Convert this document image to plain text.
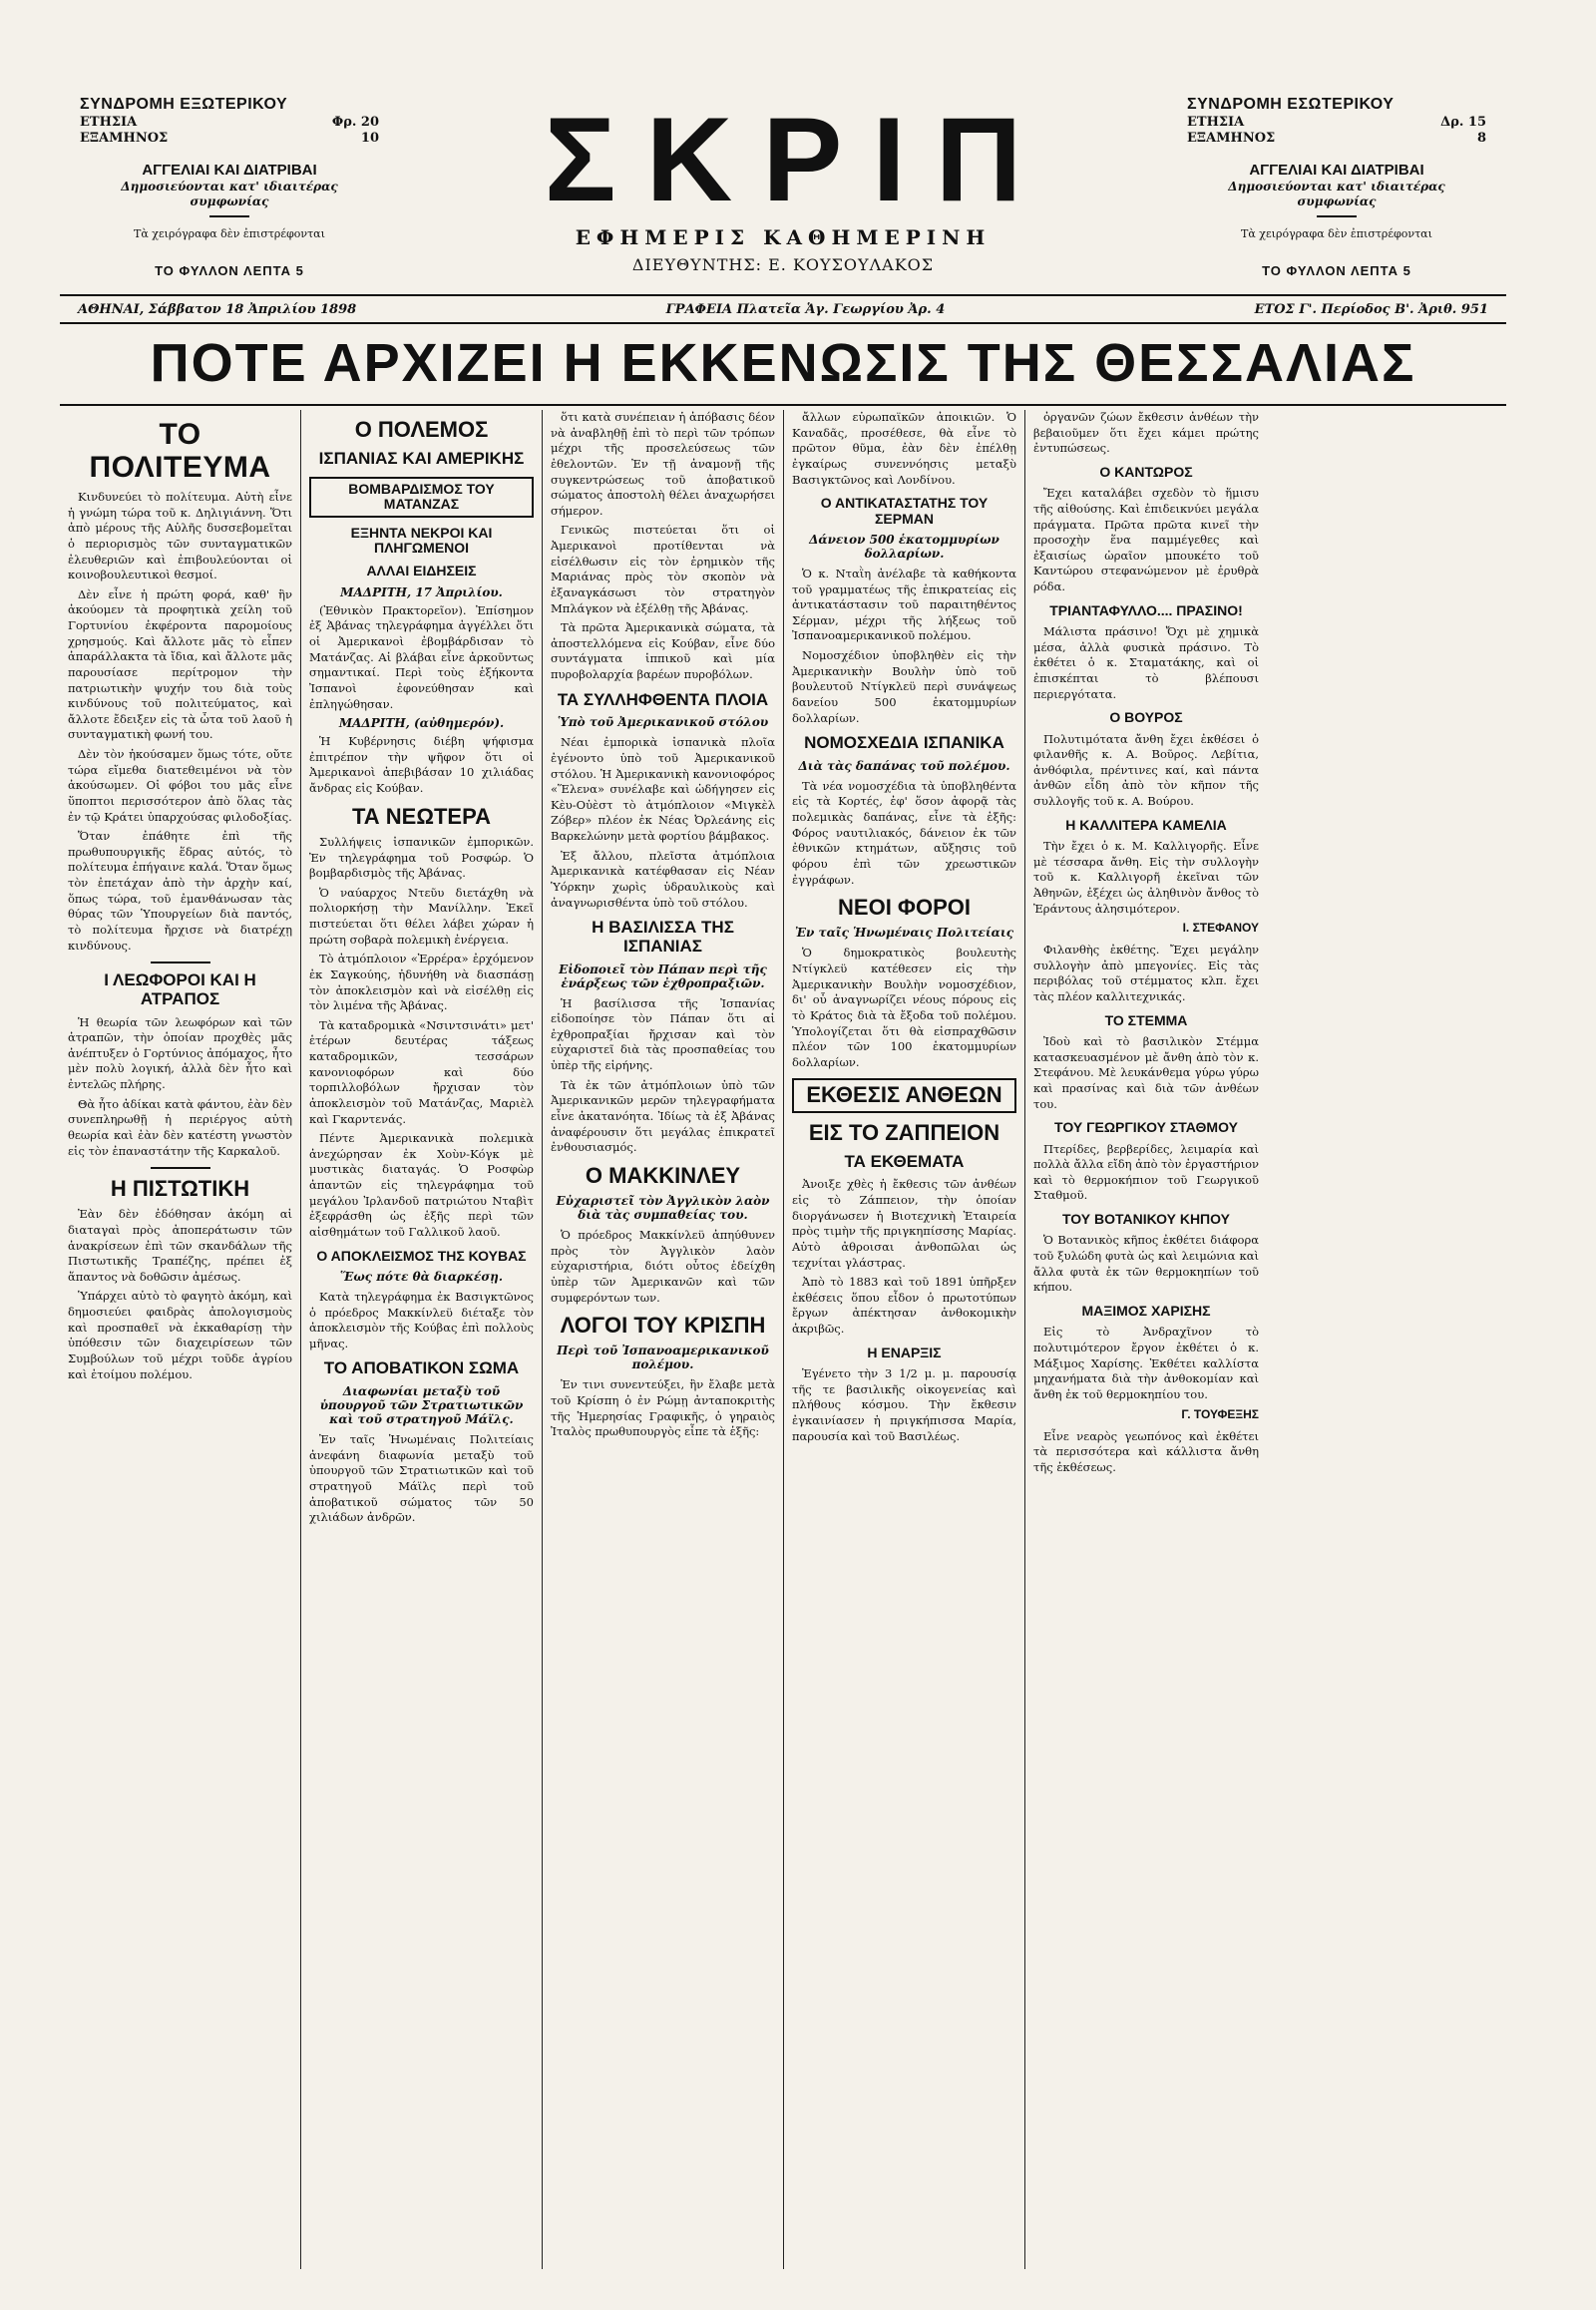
ΣΥΝΔΡΟΜΗ ΕΞΩΤΕΡΙΚΟΥ
ΕΤΗΣΙΑ	Φρ. 20
ΕΞΑΜΗΝΟΣ	10
ΑΓΓΕΛΙΑΙ ΚΑΙ ΔΙΑΤΡΙΒΑΙ
Δημοσιεύονται κατ' ιδιαιτέρας συμφωνίας
Τὰ χειρόγραφα δὲν ἐπιστρέφονται
ΤΟ ΦΥΛΛΟΝ ΛΕΠΤΑ 5
ΣΚΡΙΠ
ΕΦΗΜΕΡΙΣ ΚΑΘΗΜΕΡΙΝΗ
ΔΙΕΥΘΥΝΤΗΣ: Ε. ΚΟΥΣΟΥΛΑΚΟΣ
ΣΥΝΔΡΟΜΗ ΕΣΩΤΕΡΙΚΟΥ
ΕΤΗΣΙΑ	Δρ. 15
ΕΞΑΜΗΝΟΣ	8
ΑΓΓΕΛΙΑΙ ΚΑΙ ΔΙΑΤΡΙΒΑΙ
Δημοσιεύονται κατ' ιδιαιτέρας συμφωνίας
Τὰ χειρόγραφα δὲν ἐπιστρέφονται
ΤΟ ΦΥΛΛΟΝ ΛΕΠΤΑ 5
ΑΘΗΝΑΙ, Σάββατον 18 Ἀπριλίου 1898	ΓΡΑΦΕΙΑ Πλατεῖα Ἁγ. Γεωργίου Ἀρ. 4	ΕΤΟΣ Γ'. Περίοδος Β'. Ἀριθ. 951
ΠΟΤΕ ΑΡΧΙΖΕΙ Η ΕΚΚΕΝΩΣΙΣ ΤΗΣ ΘΕΣΣΑΛΙΑΣ
ΤΟ ΠΟΛΙΤΕΥΜΑ

Κινδυνεύει τὸ πολίτευμα. Αὐτὴ εἶνε ἡ γνώμη τώρα τοῦ κ. Δηλιγιάννη. Ὅτι ἀπὸ μέρους τῆς Αὐλῆς δυσσεβομεῖται ὁ περιορισμὸς τῶν συνταγματικῶν ἐλευθεριῶν καὶ ἐπιβουλεύονται οἱ κοινοβουλευτικοὶ θεσμοί.

Δὲν εἶνε ἡ πρώτη φορά, καθ' ἣν ἀκούομεν τὰ προφητικὰ χείλη τοῦ Γορτυνίου ἐκφέροντα παρομοίους χρησμούς. Καὶ ἄλλοτε μᾶς τὸ εἶπεν ἀπαράλλακτα τὰ ἴδια, καὶ ἄλλοτε μᾶς παρουσίασε περίτρομον τὴν πατριωτικὴν ψυχήν του διὰ τοὺς κινδύνους τοῦ πολιτεύματος, καὶ ἄλλοτε ἔδειξεν εἰς τὰ ὦτα τοῦ λαοῦ ἡ συνταγματικὴ φωνή του.

Δὲν τὸν ἠκούσαμεν ὅμως τότε, οὔτε τώρα εἴμεθα διατεθειμένοι νὰ τὸν ἀκούσωμεν. Οἱ φόβοι του μᾶς εἶνε ὕποπτοι περισσότερον ἀπὸ ὅλας τὰς ἐν τῷ Κράτει ὑπαρχούσας φιλοδοξίας.

Ὅταν ἐπάθητε ἐπὶ τῆς πρωθυπουργικῆς ἕδρας αὐτός, τὸ πολίτευμα ἐπήγαινε καλά. Ὅταν ὅμως τὸν ἐπετάχαν ἀπὸ τὴν ἀρχὴν καί, ὅπως τώρα, τοῦ ἐμανθάνωσαν τὰς θύρας τῶν Ὑπουργείων διὰ παντός, τὸ πολίτευμα ἤρχισε νὰ διατρέχῃ κινδύνους.

Ι ΛΕΩΦΟΡΟΙ ΚΑΙ Η ΑΤΡΑΠΟΣ

Ἡ θεωρία τῶν λεωφόρων καὶ τῶν ἀτραπῶν, τὴν ὁποίαν προχθὲς μᾶς ἀνέπτυξεν ὁ Γορτύνιος ἀπόμαχος, ἦτο μὲν πολὺ λογική, ἀλλὰ δὲν ἦτο καὶ ἐντελῶς πλήρης.

Θὰ ἦτο ἀδίκαι κατὰ φάντου, ἐὰν δὲν συνεπληρωθῇ ἡ περιέργος αὐτὴ θεωρία καὶ ἐὰν δὲν κατέστη γνωστὸν εἰς τὸν ἐπαναστάτην τῆς Καρκαλοῦ.

Η ΠΙΣΤΩΤΙΚΗ

Ἐὰν δὲν ἐδόθησαν ἀκόμη αἱ διαταγαὶ πρὸς ἀποπεράτωσιν τῶν ἀνακρίσεων ἐπὶ τῶν σκανδάλων τῆς Πιστωτικῆς Τραπέζης, πρέπει ἐξ ἅπαντος νὰ δοθῶσιν ἀμέσως.

Ὑπάρχει αὐτὸ τὸ φαγητὸ ἀκόμη, καὶ δημοσιεύει φαιδρὰς ἀπολογισμοὺς καὶ προσπαθεῖ νὰ ἐκκαθαρίσῃ τὴν ὑπόθεσιν τῶν διαχειρίσεων τῶν Συμβούλων τοῦ μέχρι τοῦδε ἀγρίου καὶ ἐτοίμου πολέμου.

Ο ΠΟΛΕΜΟΣ
ΙΣΠΑΝΙΑΣ ΚΑΙ ΑΜΕΡΙΚΗΣ
ΒΟΜΒΑΡΔΙΣΜΟΣ ΤΟΥ ΜΑΤΑΝΖΑΣ
ΕΞΗΝΤΑ ΝΕΚΡΟΙ ΚΑΙ ΠΛΗΓΩΜΕΝΟΙ
ΑΛΛΑΙ ΕΙΔΗΣΕΙΣ
ΜΑΔΡΙΤΗ, 17 Ἀπριλίου.

(Ἐθνικὸν Πρακτορεῖον). Ἐπίσημον ἐξ Ἀβάνας τηλεγράφημα ἀγγέλλει ὅτι οἱ Ἀμερικανοὶ ἐβομβάρδισαν τὸ Ματάνζας. Αἱ βλάβαι εἶνε ἀρκοῦντως σημαντικαί. Περὶ τοὺς ἑξήκοντα Ἰσπανοὶ ἐφονεύθησαν καὶ ἐπληγώθησαν.

ΜΑΔΡΙΤΗ, (αὐθημερόν).

Ἡ Κυβέρνησις διέβη ψήφισμα ἐπιτρέπον τὴν ψῆφον ὅτι οἱ Ἀμερικανοὶ ἀπεβιβάσαν 10 χιλιάδας ἄνδρας εἰς Κούβαν.

ΤΑ ΝΕΩΤΕΡΑ

Συλλήψεις ἰσπανικῶν ἐμπορικῶν. Ἐν τηλεγράφημα τοῦ Ροσφώρ. Ὁ βομβαρδισμὸς τῆς Ἀβάνας.

Ὁ ναύαρχος Ντεῦυ διετάχθη νὰ πολιορκήσῃ τὴν Μανίλλην. Ἐκεῖ πιστεύεται ὅτι θέλει λάβει χώραν ἡ πρώτη σοβαρὰ πολεμικὴ ἐνέργεια.

Τὸ ἀτμόπλοιον «Ἐρρέρα» ἐρχόμενον ἐκ Σαγκούης, ἠδυνήθη νὰ διασπάσῃ τὸν ἀποκλεισμὸν καὶ νὰ εἰσέλθῃ εἰς τὸν λιμένα τῆς Ἀβάνας.

Τὰ καταδρομικὰ «Νσιντσινάτι» μετ' ἑτέρων δευτέρας τάξεως καταδρομικῶν, τεσσάρων κανονιοφόρων καὶ δύο τορπιλλοβόλων ἤρχισαν τὸν ἀποκλεισμὸν τοῦ Ματάνζας, Μαριὲλ καὶ Γκαρντενάς.

Πέντε Ἀμερικανικὰ πολεμικὰ ἀνεχώρησαν ἐκ Χοὺν-Κόγκ μὲ μυστικὰς διαταγάς. Ὁ Ροσφὼρ ἀπαντῶν εἰς τηλεγράφημα τοῦ μεγάλου Ἰρλανδοῦ πατριώτου Νταβὶτ ἐξεφράσθη ὡς ἑξῆς περὶ τῶν αἰσθημάτων τοῦ Γαλλικοῦ λαοῦ.

Ο ΑΠΟΚΛΕΙΣΜΟΣ ΤΗΣ ΚΟΥΒΑΣ
Ἕως πότε θὰ διαρκέσῃ.

Κατὰ τηλεγράφημα ἐκ Βασιγκτῶνος ὁ πρόεδρος Μακκίνλεϋ διέταξε τὸν ἀποκλεισμὸν τῆς Κούβας ἐπὶ πολλοὺς μῆνας.

ΤΟ ΑΠΟΒΑΤΙΚΟΝ ΣΩΜΑ
Διαφωνίαι μεταξὺ τοῦ ὑπουργοῦ τῶν Στρατιωτικῶν καὶ τοῦ στρατηγοῦ Μάϊλς.

Ἐν ταῖς Ἡνωμέναις Πολιτείαις ἀνεφάνη διαφωνία μεταξὺ τοῦ ὑπουργοῦ τῶν Στρατιωτικῶν καὶ τοῦ στρατηγοῦ Μάϊλς περὶ τοῦ ἀποβατικοῦ σώματος τῶν 50 χιλιάδων ἀνδρῶν.

ὅτι κατὰ συνέπειαν ἡ ἀπόβασις δέον νὰ ἀναβληθῇ ἐπὶ τὸ περὶ τῶν τρόπων μέχρι τῆς προσελεύσεως τῶν ἐθελοντῶν. Ἐν τῇ ἀναμονῇ τῆς συγκεντρώσεως τοῦ ἀποβατικοῦ σώματος ἀποστολὴ θέλει ἀναχωρήσει σήμερον.

Γενικῶς πιστεύεται ὅτι οἱ Ἀμερικανοὶ προτίθενται νὰ εἰσέλθωσιν εἰς τὸν ἐρημικὸν τῆς Μαριάνας πρὸς τὸν σκοπὸν νὰ ἐξαναγκάσωσι τὸν στρατηγὸν Μπλάγκον νὰ ἐξέλθῃ τῆς Ἀβάνας.

Τὰ πρῶτα Ἀμερικανικὰ σώματα, τὰ ἀποστελλόμενα εἰς Κούβαν, εἶνε δύο συντάγματα ἱππικοῦ καὶ μία πυροβολαρχία βαρέων πυροβόλων.

ΤΑ ΣΥΛΛΗΦΘΕΝΤΑ ΠΛΟΙΑ
Ὑπὸ τοῦ Ἀμερικανικοῦ στόλου

Νέαι ἐμπορικὰ ἰσπανικὰ πλοῖα ἐγένοντο ὑπὸ τοῦ Ἀμερικανικοῦ στόλου. Ἡ Ἀμερικανικὴ κανονιοφόρος «Ἕλενα» συνέλαβε καὶ ὡδήγησεν εἰς Κὲυ-Οὐὲστ τὸ ἀτμόπλοιον «Μιγκὲλ Ζόβερ» πλέον ἐκ Νέας Ὀρλεάνης εἰς Βαρκελώνην μετὰ φορτίου βάμβακος.

Ἐξ ἄλλου, πλεῖστα ἀτμόπλοια Ἀμερικανικὰ κατέφθασαν εἰς Νέαν Ὑόρκην χωρὶς ὑδραυλικοὺς καὶ ἀναγνωρισθέντα ὑπὸ τοῦ στόλου.

Η ΒΑΣΙΛΙΣΣΑ ΤΗΣ ΙΣΠΑΝΙΑΣ
Εἰδοποιεῖ τὸν Πάπαν περὶ τῆς ἐνάρξεως τῶν ἐχθροπραξιῶν.

Ἡ βασίλισσα τῆς Ἰσπανίας εἰδοποίησε τὸν Πάπαν ὅτι αἱ ἐχθροπραξίαι ἤρχισαν καὶ τὸν εὐχαριστεῖ διὰ τὰς προσπαθείας του ὑπὲρ τῆς εἰρήνης.

Τὰ ἐκ τῶν ἀτμόπλοιων ὑπὸ τῶν Ἀμερικανικῶν μερῶν τηλεγραφήματα εἶνε ἀκατανόητα. Ἰδίως τὰ ἐξ Ἀβάνας ἀναφέρουσιν ὅτι μεγάλας ἐπικρατεῖ ἐνθουσιασμός.

Ο ΜΑΚΚΙΝΛΕΥ
Εὐχαριστεῖ τὸν Ἀγγλικὸν λαὸν διὰ τὰς συμπαθείας του.

Ὁ πρόεδρος Μακκίνλεϋ ἀπηύθυνεν πρὸς τὸν Ἀγγλικὸν λαὸν εὐχαριστήρια, διότι οὗτος ἐδείχθη ὑπὲρ τῶν Ἀμερικανῶν καὶ τῶν συμφερόντων των.

ΛΟΓΟΙ ΤΟΥ ΚΡΙΣΠΗ
Περὶ τοῦ Ἰσπανοαμερικανικοῦ πολέμου.

Ἐν τινι συνεντεύξει, ἣν ἔλαβε μετὰ τοῦ Κρίσπη ὁ ἐν Ρώμῃ ἀνταποκριτὴς τῆς Ἡμερησίας Γραφικῆς, ὁ γηραιὸς Ἰταλὸς πρωθυπουργὸς εἶπε τὰ ἑξῆς:

ἄλλων εὐρωπαϊκῶν ἀποικιῶν. Ὁ Καναδᾶς, προσέθεσε, θὰ εἶνε τὸ πρῶτον θῦμα, ἐὰν δὲν ἐπέλθῃ ἐγκαίρως συνεννόησις μεταξὺ Βασιγκτῶνος καὶ Λονδίνου.

Ο ΑΝΤΙΚΑΤΑΣΤΑΤΗΣ ΤΟΥ ΣΕΡΜΑΝ
Δάνειον 500 ἑκατομμυρίων δολλαρίων.

Ὁ κ. Νταῒη ἀνέλαβε τὰ καθήκοντα τοῦ γραμματέως τῆς ἐπικρατείας εἰς ἀντικατάστασιν τοῦ παραιτηθέντος Σέρμαν, μέχρι τῆς λήξεως τοῦ Ἰσπανοαμερικανικοῦ πολέμου.

Νομοσχέδιον ὑποβληθὲν εἰς τὴν Ἀμερικανικὴν Βουλὴν ὑπὸ τοῦ βουλευτοῦ Ντίγκλεϋ περὶ συνάψεως δανείου 500 ἑκατομμυρίων δολλαρίων.

ΝΟΜΟΣΧΕΔΙΑ ΙΣΠΑΝΙΚΑ
Διὰ τὰς δαπάνας τοῦ πολέμου.

Τὰ νέα νομοσχέδια τὰ ὑποβληθέντα εἰς τὰ Κορτές, ἐφ' ὅσον ἀφορᾷ τὰς πολεμικὰς δαπάνας, εἶνε τὰ ἑξῆς: Φόρος ναυτιλιακός, δάνειον ἐκ τῶν ἐθνικῶν κτημάτων, αὔξησις τοῦ φόρου ἐπὶ τῶν χρεωστικῶν ἐγγράφων.

ΝΕΟΙ ΦΟΡΟΙ
Ἐν ταῖς Ἡνωμέναις Πολιτείαις

Ὁ δημοκρατικὸς βουλευτὴς Ντίγκλεϋ κατέθεσεν εἰς τὴν Ἀμερικανικὴν Βουλὴν νομοσχέδιον, δι' οὗ ἀναγνωρίζει νέους πόρους εἰς τὸ Κράτος διὰ τὰ ἔξοδα τοῦ πολέμου. Ὑπολογίζεται ὅτι θὰ εἰσπραχθῶσιν πλέον τῶν 100 ἑκατομμυρίων δολλαρίων.

ΕΚΘΕΣΙΣ ΑΝΘΕΩΝ
ΕΙΣ ΤΟ ΖΑΠΠΕΙΟΝ
ΤΑ ΕΚΘΕΜΑΤΑ

Ἀνοιξε χθὲς ἡ ἔκθεσις τῶν ἀνθέων εἰς τὸ Ζάππειον, τὴν ὁποίαν διοργάνωσεν ἡ Βιοτεχνικὴ Ἑταιρεία πρὸς τιμὴν τῆς πριγκηπίσσης Μαρίας. Αὐτὸ ἀθροισαι ἀνθοπῶλαι ὡς τεχνίται γλάστρας.

Ἀπὸ τὸ 1883 καὶ τοῦ 1891 ὑπῆρξεν ἐκθέσεις ὅπου εἶδον ὁ πρωτοτύπων ἔργων ἀπέκτησαν ἀνθοκομικὴν ἀκριβῶς.

Η ΕΝΑΡΞΙΣ

Ἐγένετο τὴν 3 1/2 μ. μ. παρουσίᾳ τῆς τε βασιλικῆς οἰκογενείας καὶ πλήθους κόσμου. Τὴν ἔκθεσιν ἐγκαινίασεν ἡ πριγκήπισσα Μαρία, παρουσία καὶ τοῦ Βασιλέως.

ὀργανῶν ζώων ἔκθεσιν ἀνθέων τὴν βεβαιοῦμεν ὅτι ἔχει κάμει πρώτης ἐντυπώσεως.

Ο ΚΑΝΤΩΡΟΣ

Ἔχει καταλάβει σχεδὸν τὸ ἥμισυ τῆς αἰθούσης. Καὶ ἐπιδεικνύει μεγάλα πράγματα. Πρῶτα πρῶτα κινεῖ τὴν προσοχὴν ἕνα παμμέγεθες καὶ ἐξαισίως ὡραῖον μπουκέτο τοῦ Καντώρου στεφανώμενον μὲ ἐρυθρὰ ρόδα.

ΤΡΙΑΝΤΑΦΥΛΛΟ.... ΠΡΑΣΙΝΟ!

Μάλιστα πράσινο! Ὄχι μὲ χημικὰ μέσα, ἀλλὰ φυσικὰ πράσινο. Τὸ ἐκθέτει ὁ κ. Σταματάκης, καὶ οἱ ἐπισκέπται τὸ βλέπουσι περιεργότατα.

Ο ΒΟΥΡΟΣ

Πολυτιμότατα ἄνθη ἔχει ἐκθέσει ὁ φιλανθῆς κ. Α. Βοῦρος. Λεβίτια, ἀνθόφιλα, πρέντινες καί, καὶ πάντα ἀνθῶν εἶδη ἀπὸ τὸν κῆπον τῆς συλλογῆς τοῦ κ. Α. Βούρου.

Η ΚΑΛΛΙΤΕΡΑ ΚΑΜΕΛΙΑ

Τὴν ἔχει ὁ κ. Μ. Καλλιγορῆς. Εἶνε μὲ τέσσαρα ἄνθη. Εἰς τὴν συλλογὴν τοῦ κ. Καλλιγορῆ ἐκεῖναι τῶν Ἀθηνῶν, ἐξέχει ὡς ἀληθινὸν ἄνθος τὸ Ἐράντους ἀλησιμότερον.

Ι. ΣΤΕΦΑΝΟΥ

Φιλανθὴς ἐκθέτης. Ἔχει μεγάλην συλλογὴν ἀπὸ μπεγονίες. Εἰς τὰς περιβόλας τοῦ στέμματος κλπ. ἔχει τὰς πλέον καλλιτεχνικάς.

ΤΟ ΣΤΕΜΜΑ

Ἰδοὺ καὶ τὸ βασιλικὸν Στέμμα κατασκευασμένον μὲ ἄνθη ἀπὸ τὸν κ. Στεφάνου. Μὲ λευκάνθεμα γύρω γύρω καὶ πρασίνας καὶ διὰ τῶν ἀνθέων του.

ΤΟΥ ΓΕΩΡΓΙΚΟΥ ΣΤΑΘΜΟΥ

Πτερίδες, βερβερίδες, λειμαρία καὶ πολλὰ ἄλλα εἴδη ἀπὸ τὸν ἐργαστήριον καὶ τὸ θερμοκήπιον τοῦ Γεωργικοῦ Σταθμοῦ.

ΤΟΥ ΒΟΤΑΝΙΚΟΥ ΚΗΠΟΥ

Ὁ Βοτανικὸς κῆπος ἐκθέτει διάφορα τοῦ ξυλώδη φυτὰ ὡς καὶ λειμώνια καὶ ἄλλα φυτὰ ἐκ τῶν θερμοκηπίων τοῦ κήπου.

ΜΑΞΙΜΟΣ ΧΑΡΙΣΗΣ

Εἰς τὸ Ἀνδραχῖνον τὸ πολυτιμότερον ἔργον ἐκθέτει ὁ κ. Μάξιμος Χαρίσης. Ἐκθέτει καλλίστα μηχανήματα διὰ τὴν ἀνθοκομίαν καὶ ἄνθη ἐκ τοῦ θερμοκηπίου του.

Γ. ΤΟΥΦΕΞΗΣ

Εἶνε νεαρὸς γεωπόνος καὶ ἐκθέτει τὰ περισσότερα καὶ κάλλιστα ἄνθη τῆς ἐκθέσεως.
